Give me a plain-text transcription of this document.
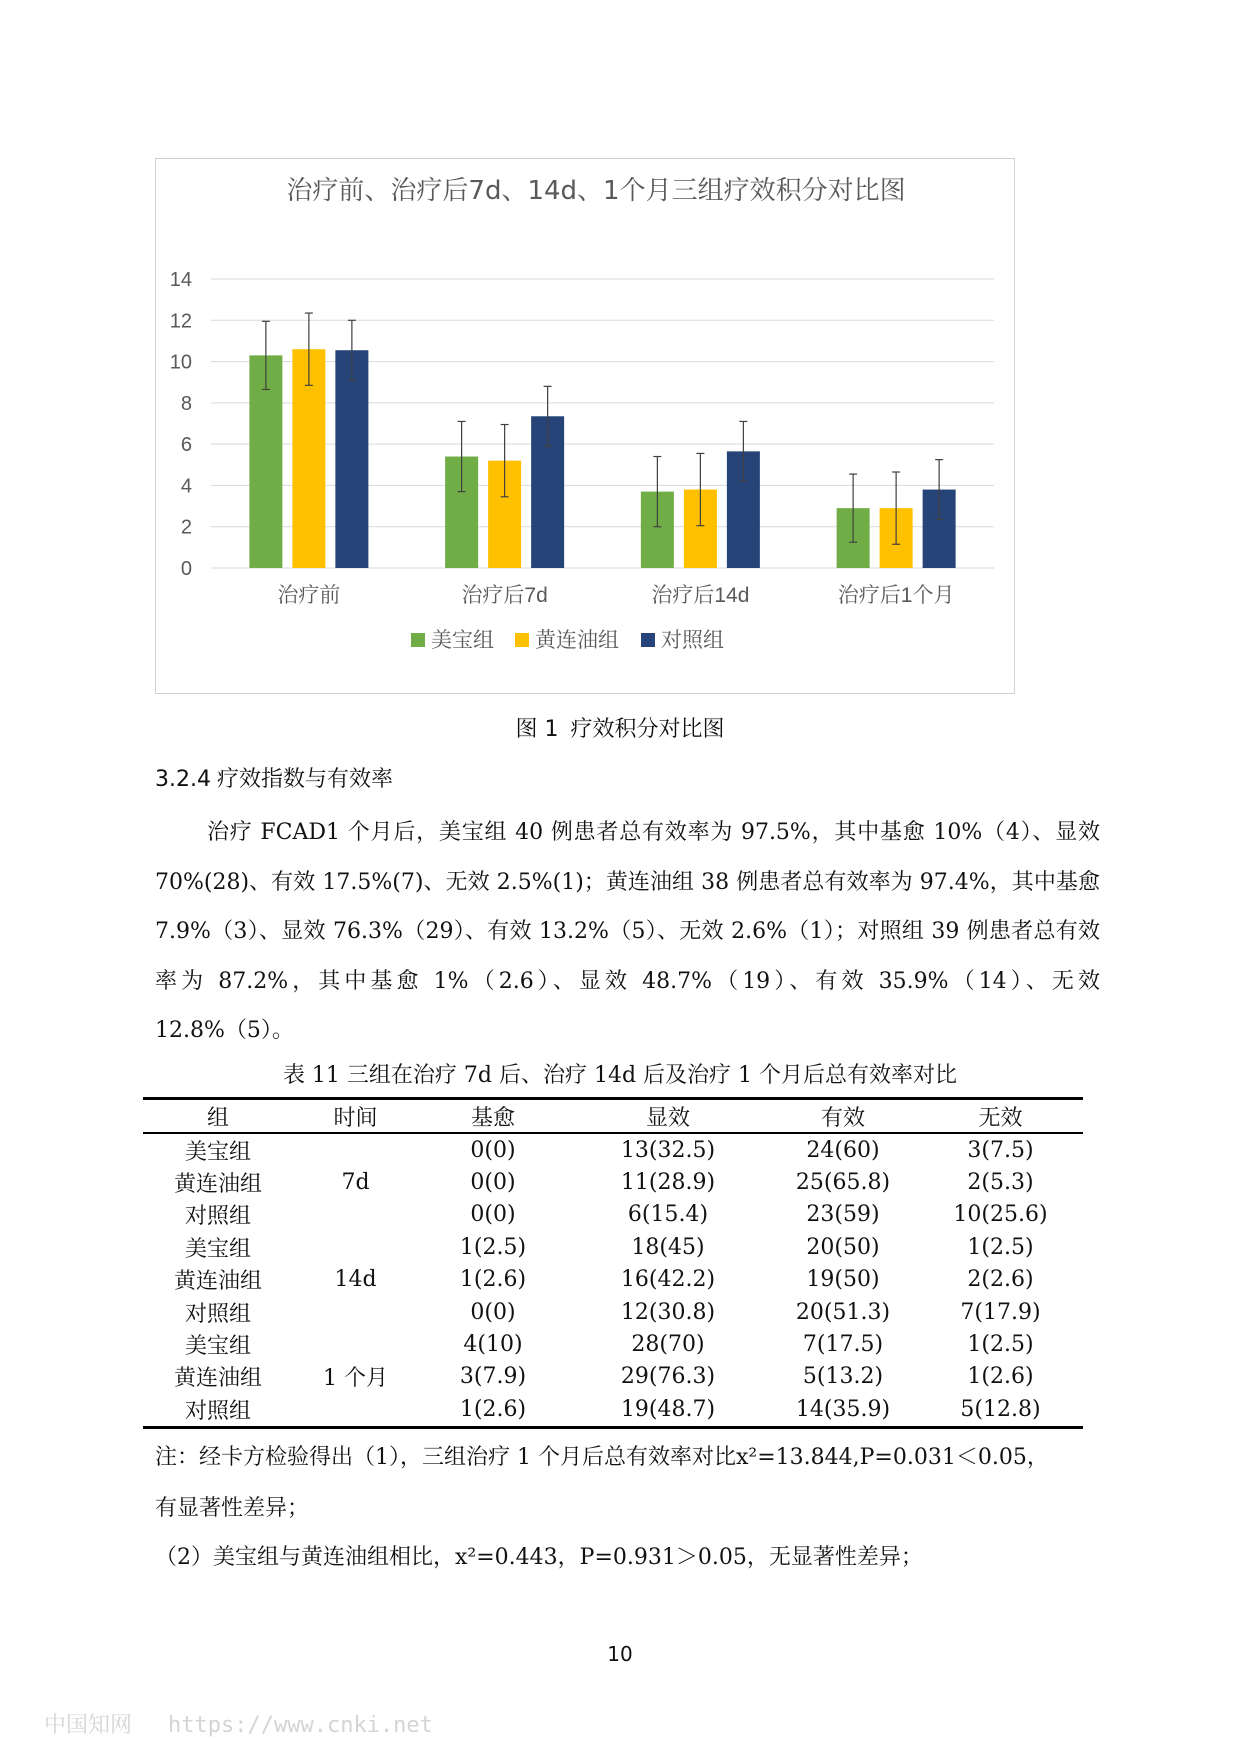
0
2
4
6
8
10
12
14
治疗前	治疗后7d	治疗后14d	治疗后1个月
美宝组 黄连油组 对照组
治疗前、治疗后7d、14d、1个月三组疗效积分对比图
图 1 疗效积分对比图
3.2.4 疗效指数与有效率

治疗 FCAD1 个月后，美宝组 40 例患者总有效率为 97.5%，其中基愈 10%（4）、显效 70%(28)、有效 17.5%(7)、无效 2.5%(1)；黄连油组 38 例患者总有效率为 97.4%，其中基愈 7.9%（3）、显效 76.3%（29）、有效 13.2%（5）、无效 2.6%（1）；对照组 39 例患者总有效率为 87.2%，其中基愈 1%（2.6）、显效 48.7%（19）、有效 35.9%（14）、无效 12.8%（5）。

表 11 三组在治疗 7d 后、治疗 14d 后及治疗 1 个月后总有效率对比
组	时间	基愈	显效	有效	无效
美宝组		0(0)	13(32.5)	24(60)	3(7.5)
黄连油组	7d	0(0)	11(28.9)	25(65.8)	2(5.3)
对照组		0(0)	6(15.4)	23(59)	10(25.6)
美宝组		1(2.5)	18(45)	20(50)	1(2.5)
黄连油组	14d	1(2.6)	16(42.2)	19(50)	2(2.6)
对照组		0(0)	12(30.8)	20(51.3)	7(17.9)
美宝组		4(10)	28(70)	7(17.5)	1(2.5)
黄连油组	1 个月	3(7.9)	29(76.3)	5(13.2)	1(2.6)
对照组		1(2.6)	19(48.7)	14(35.9)	5(12.8)

注：经卡方检验得出（1），三组治疗 1 个月后总有效率对比x²=13.844,P=0.031＜0.05，

有显著性差异；

（2）美宝组与黄连油组相比，x²=0.443，P=0.931＞0.05，无显著性差异；

10
中国知网 https://www.cnki.net
